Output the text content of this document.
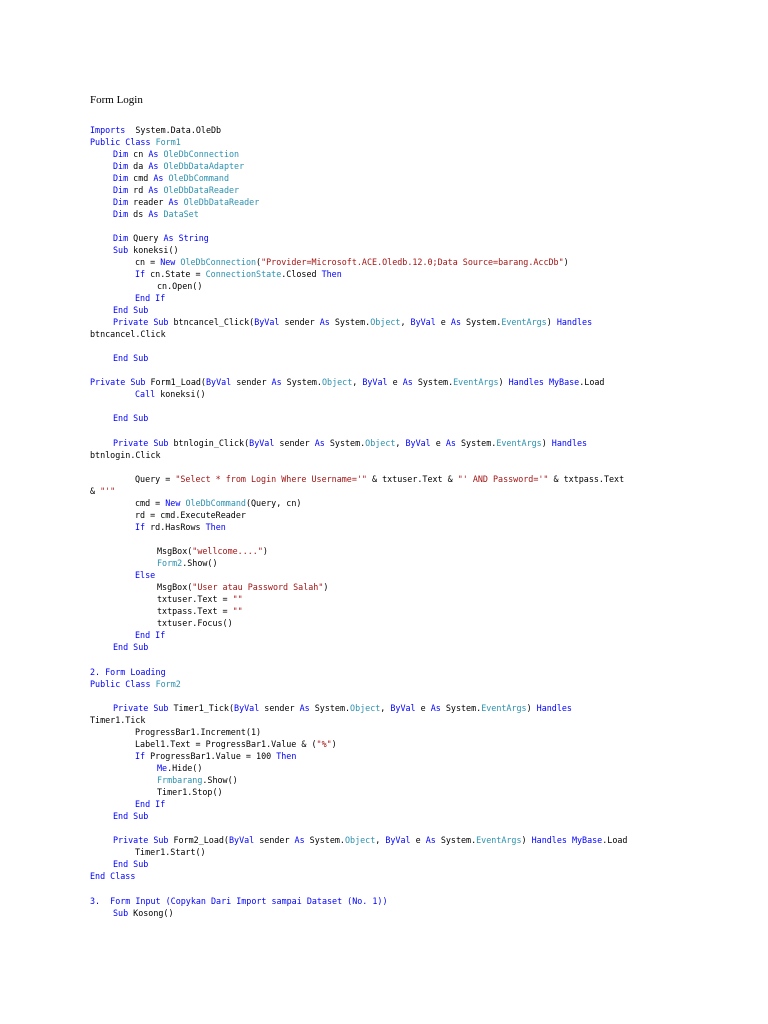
Form Login
Imports  System.Data.OleDb
Public Class Form1
Dim cn As OleDbConnection
Dim da As OleDbDataAdapter
Dim cmd As OleDbCommand
Dim rd As OleDbDataReader
Dim reader As OleDbDataReader
Dim ds As DataSet
Dim Query As String
Sub koneksi()
cn = New OleDbConnection("Provider=Microsoft.ACE.Oledb.12.0;Data Source=barang.AccDb")
If cn.State = ConnectionState.Closed Then
cn.Open()
End If
End Sub
Private Sub btncancel_Click(ByVal sender As System.Object, ByVal e As System.EventArgs) Handles
btncancel.Click
End Sub
Private Sub Form1_Load(ByVal sender As System.Object, ByVal e As System.EventArgs) Handles MyBase.Load
Call koneksi()
End Sub
Private Sub btnlogin_Click(ByVal sender As System.Object, ByVal e As System.EventArgs) Handles
btnlogin.Click
Query = "Select * from Login Where Username='" & txtuser.Text & "' AND Password='" & txtpass.Text
& "'"
cmd = New OleDbCommand(Query, cn)
rd = cmd.ExecuteReader
If rd.HasRows Then
MsgBox("wellcome....")
Form2.Show()
Else
MsgBox("User atau Password Salah")
txtuser.Text = ""
txtpass.Text = ""
txtuser.Focus()
End If
End Sub
2. Form Loading
Public Class Form2
Private Sub Timer1_Tick(ByVal sender As System.Object, ByVal e As System.EventArgs) Handles
Timer1.Tick
ProgressBar1.Increment(1)
Label1.Text = ProgressBar1.Value & ("%")
If ProgressBar1.Value = 100 Then
Me.Hide()
Frmbarang.Show()
Timer1.Stop()
End If
End Sub
Private Sub Form2_Load(ByVal sender As System.Object, ByVal e As System.EventArgs) Handles MyBase.Load
Timer1.Start()
End Sub
End Class
3.  Form Input (Copykan Dari Import sampai Dataset (No. 1))
Sub Kosong()
